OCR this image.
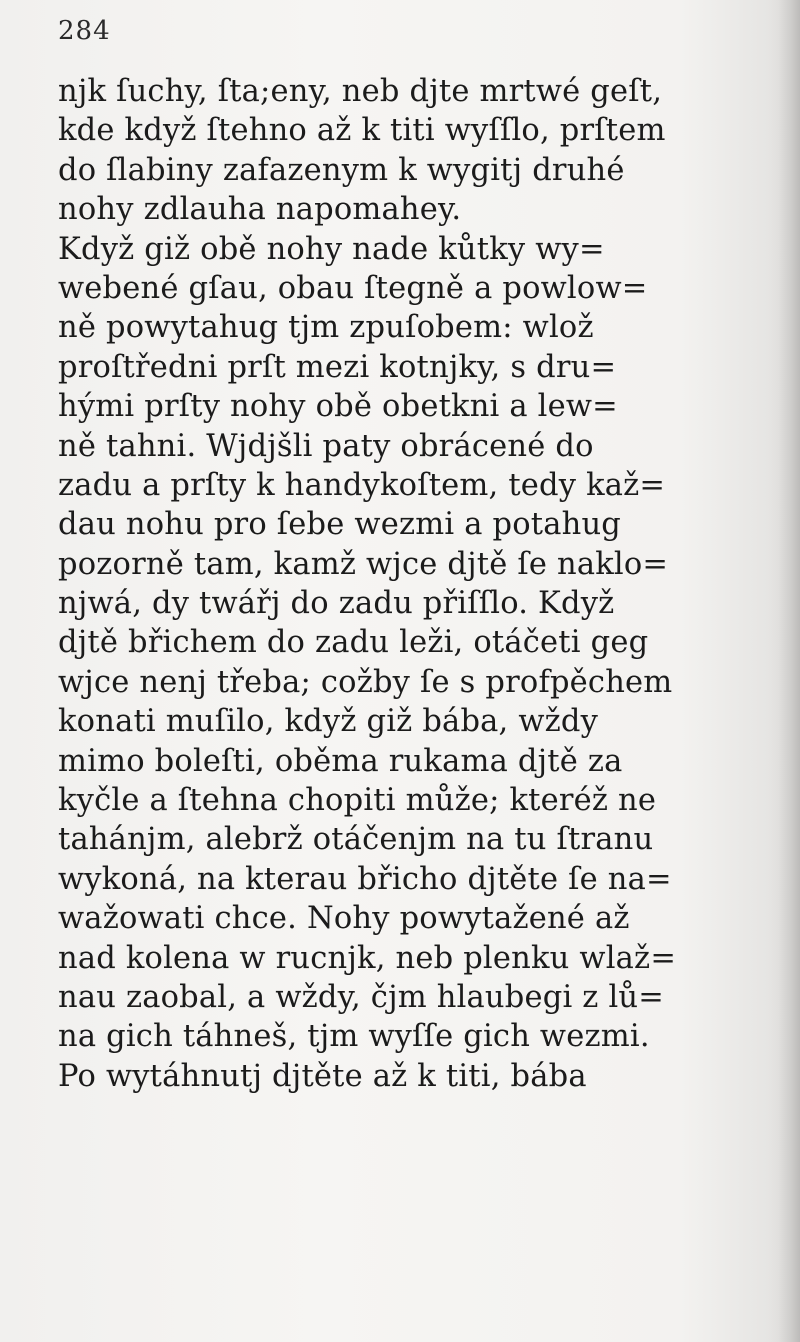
284
njk ſuchy, ſta;eny, neb djte mrtwé geſt,
kde když ſtehno až k titi wyſſlo, prſtem
do ſlabiny zafazenym k wygitj druhé
nohy zdlauha napomahey.
Když giž obě nohy nade kůtky wy=
webené gſau, obau ſtegně a powlow=
ně powytahug tjm zpuſobem: wlož
proſtředni prſt mezi kotnjky, s dru=
hými prſty nohy obě obetkni a lew=
ně tahni. Wjdjšli paty obrácené do
zadu a prſty k handykoſtem, tedy kaž=
dau nohu pro ſebe wezmi a potahug
pozorně tam, kamž wjce djtě ſe naklo=
njwá, dy twářj do zadu přiſſlo. Když
djtě břichem do zadu leži, otáčeti geg
wjce nenj třeba; cožby ſe s profpěchem
konati muſilo, když giž bába, wždy
mimo boleſti, oběma rukama djtě za
kyčle a ſtehna chopiti může; kteréž ne
tahánjm, alebrž otáčenjm na tu ſtranu
wykoná, na kterau břicho djtěte ſe na=
wažowati chce. Nohy powytažené až
nad kolena w rucnjk, neb plenku wlaž=
nau zaobal, a wždy, čjm hlaubegi z lů=
na gich táhneš, tjm wyſſe gich wezmi.
Po wytáhnutj djtěte až k titi, bába
